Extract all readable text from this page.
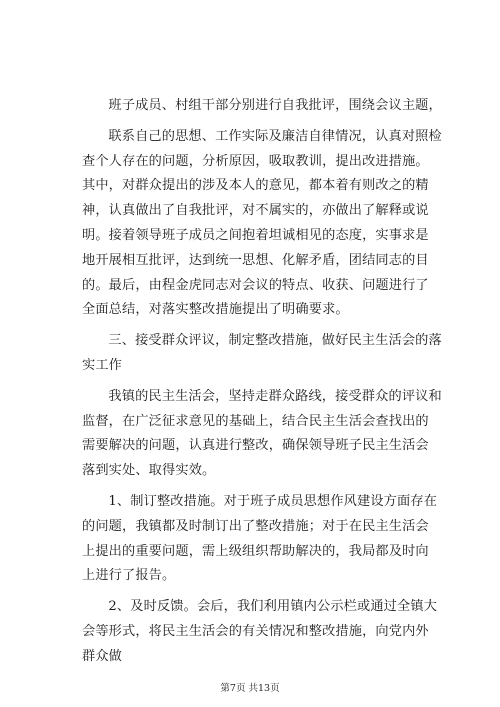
班子成员、村组干部分别进行自我批评，围绕会议主题，

联系自己的思想、工作实际及廉洁自律情况，认真对照检查个人存在的问题，分析原因，吸取教训，提出改进措施。其中，对群众提出的涉及本人的意见，都本着有则改之的精神，认真做出了自我批评，对不属实的，亦做出了解释或说明。接着领导班子成员之间抱着坦诚相见的态度，实事求是地开展相互批评，达到统一思想、化解矛盾，团结同志的目的。最后，由程金虎同志对会议的特点、收获、问题进行了全面总结，对落实整改措施提出了明确要求。

三、接受群众评议，制定整改措施，做好民主生活会的落实工作

我镇的民主生活会，坚持走群众路线，接受群众的评议和监督，在广泛征求意见的基础上，结合民主生活会查找出的需要解决的问题，认真进行整改，确保领导班子民主生活会落到实处、取得实效。

1、制订整改措施。对于班子成员思想作风建设方面存在的问题，我镇都及时制订出了整改措施；对于在民主生活会上提出的重要问题，需上级组织帮助解决的，我局都及时向上进行了报告。

2、及时反馈。会后，我们利用镇内公示栏或通过全镇大会等形式，将民主生活会的有关情况和整改措施，向党内外群众做

第7页 共13页
